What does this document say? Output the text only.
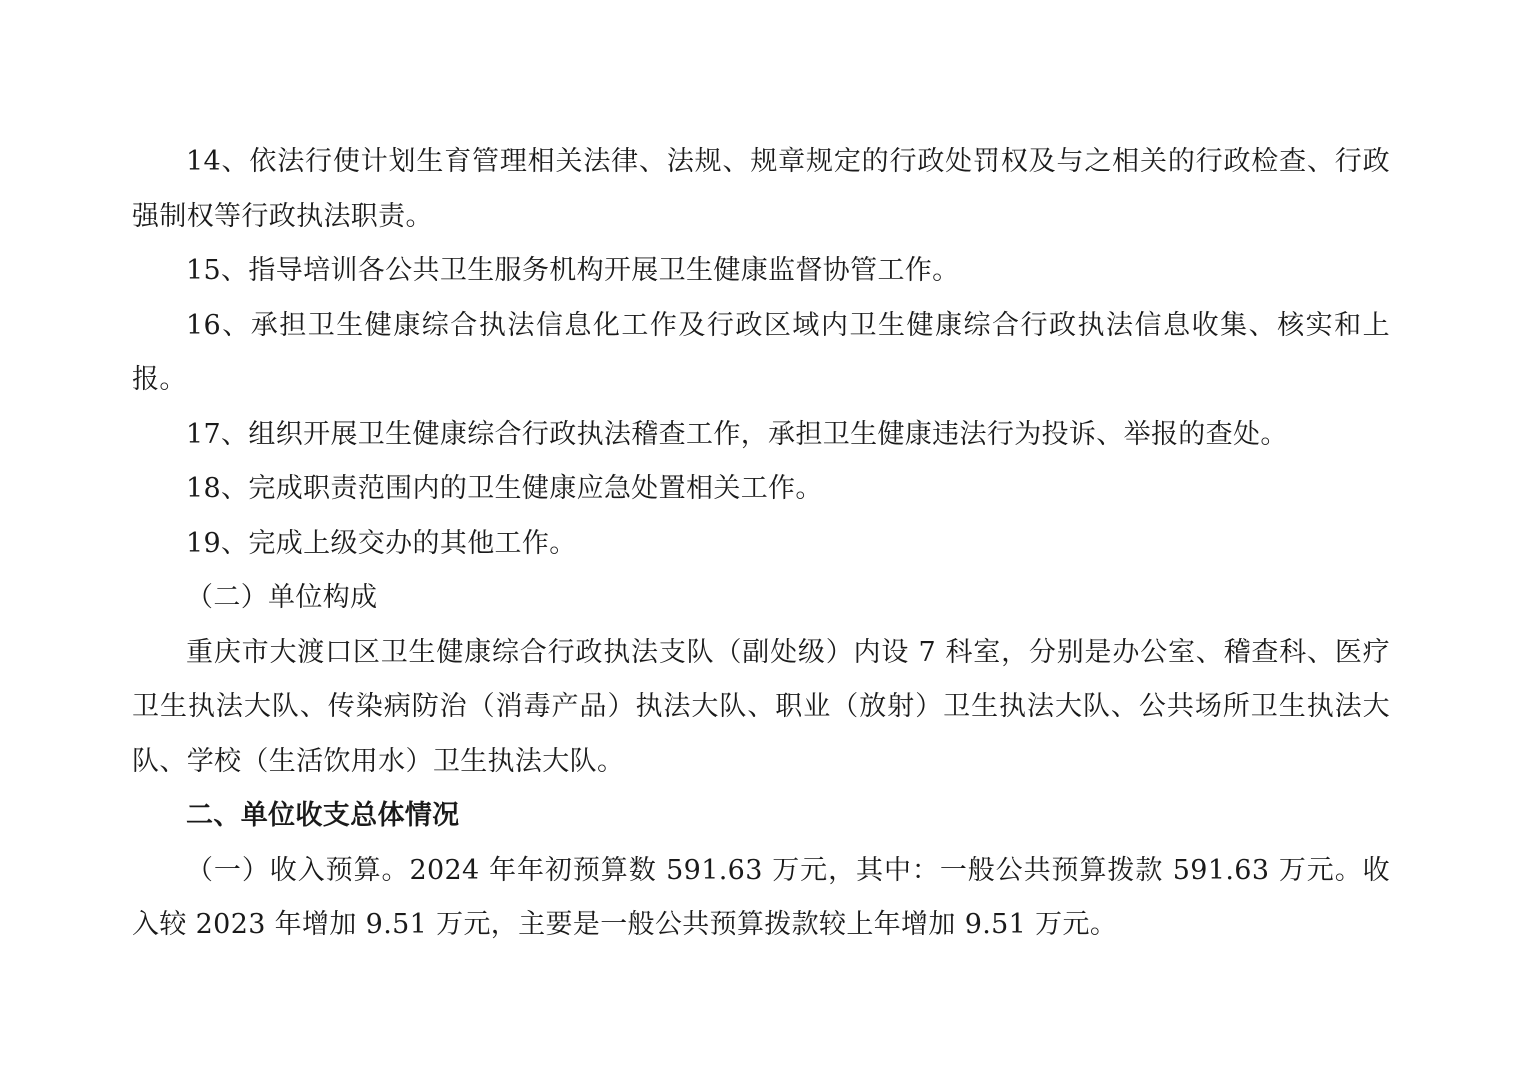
14、依法行使计划生育管理相关法律、法规、规章规定的行政处罚权及与之相关的行政检查、行政强制权等行政执法职责。

15、指导培训各公共卫生服务机构开展卫生健康监督协管工作。

16、承担卫生健康综合执法信息化工作及行政区域内卫生健康综合行政执法信息收集、核实和上报。

17、组织开展卫生健康综合行政执法稽查工作，承担卫生健康违法行为投诉、举报的查处。

18、完成职责范围内的卫生健康应急处置相关工作。

19、完成上级交办的其他工作。

（二）单位构成

重庆市大渡口区卫生健康综合行政执法支队（副处级）内设 7 科室，分别是办公室、稽查科、医疗卫生执法大队、传染病防治（消毒产品）执法大队、职业（放射）卫生执法大队、公共场所卫生执法大队、学校（生活饮用水）卫生执法大队。

二、单位收支总体情况

（一）收入预算。2024 年年初预算数 591.63 万元，其中：一般公共预算拨款 591.63 万元。收入较 2023 年增加 9.51 万元，主要是一般公共预算拨款较上年增加 9.51 万元。
